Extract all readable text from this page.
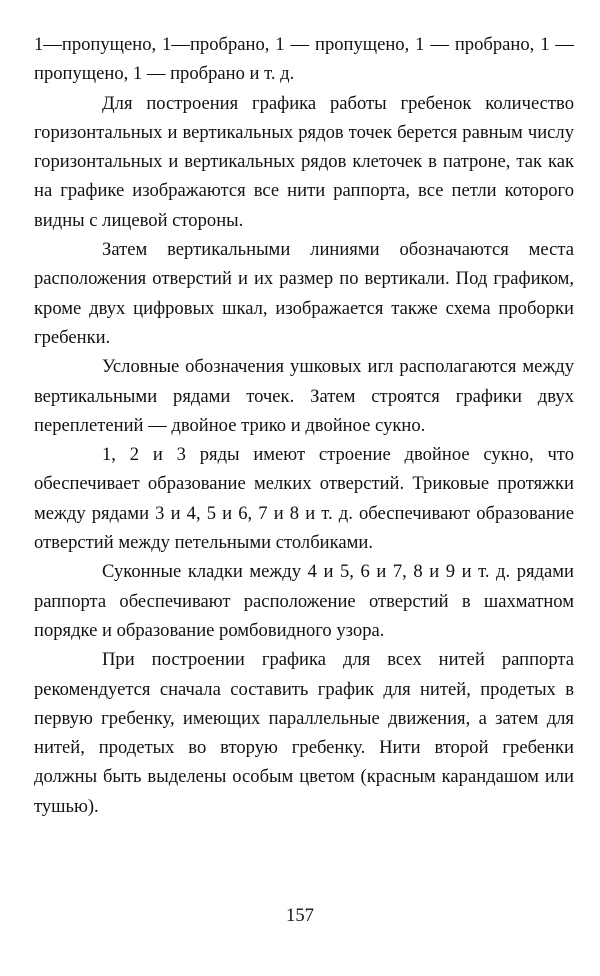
1—пропущено, 1—пробрано, 1 — пропущено, 1 — пробрано, 1 — пропущено, 1 — пробрано и т. д.

Для построения графика работы гребенок количество горизонтальных и вертикальных рядов точек берется равным числу горизонтальных и вертикальных рядов клеточек в патроне, так как на графике изображаются все нити раппорта, все петли которого видны с лицевой стороны.

Затем вертикальными линиями обозначаются места расположения отверстий и их размер по вертикали. Под графиком, кроме двух цифровых шкал, изображается также схема проборки гребенки.

Условные обозначения ушковых игл располагаются между вертикальными рядами точек. Затем строятся графики двух переплетений — двойное трико и двойное сукно.

1, 2 и 3 ряды имеют строение двойное сукно, что обеспечивает образование мелких отверстий. Триковые протяжки между рядами 3 и 4, 5 и 6, 7 и 8 и т. д. обеспечивают образование отверстий между петельными столбиками.

Суконные кладки между 4 и 5, 6 и 7, 8 и 9 и т. д. рядами раппорта обеспечивают расположение отверстий в шахматном порядке и образование ромбовидного узора.

При построении графика для всех нитей раппорта рекомендуется сначала составить график для нитей, продетых в первую гребенку, имеющих параллельные движения, а затем для нитей, продетых во вторую гребенку. Нити второй гребенки должны быть выделены особым цветом (красным карандашом или тушью).

157
